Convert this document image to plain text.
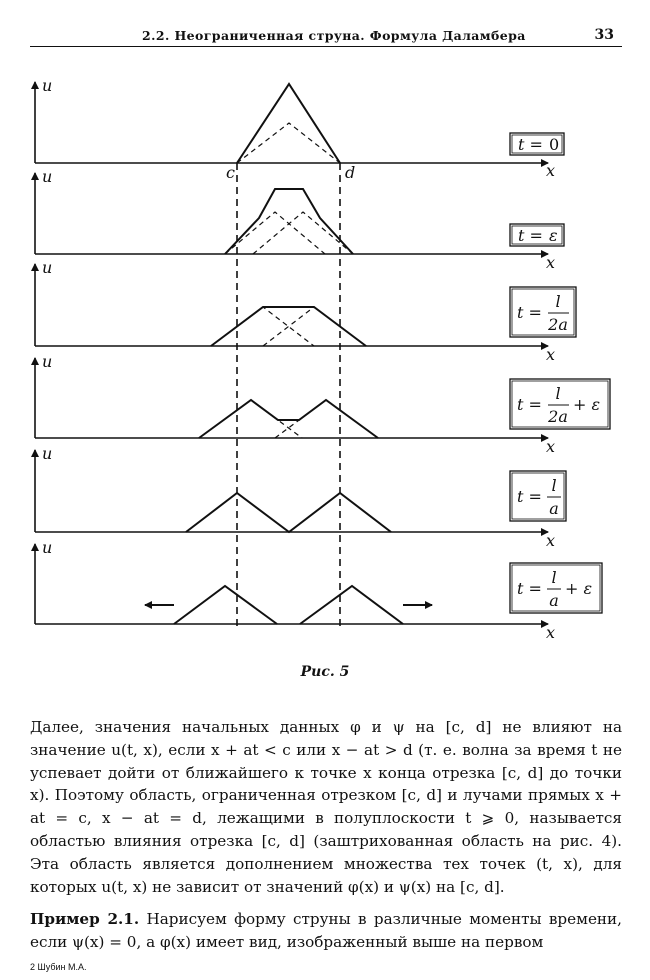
2.2. Неограниченная струна. Формула Даламбера	33
u
u
u
u
u
u
x
x
x
x
x
x
c	d
t = 0
t = ε
t =
l
2a
t =
l
2a
+ ε
t =
l
a
t =
l
a
+ ε
Рис. 5

Далее, значения начальных данных φ и ψ на [c, d] не влияют на значение u(t, x), если x + at < c или x − at > d (т. е. волна за время t не успевает дойти от ближайшего к точке x конца отрезка [c, d] до точки x). Поэтому область, ограниченная отрезком [c, d] и лучами прямых x + at = c, x − at = d, лежащими в полуплоскости t ⩾ 0, называется областью влияния отрезка [c, d] (заштрихованная область на рис. 4). Эта область является дополнением множества тех точек (t, x), для которых u(t, x) не зависит от значений φ(x) и ψ(x) на [c, d].

Пример 2.1. Нарисуем форму струны в различные моменты времени, если ψ(x) = 0, а φ(x) имеет вид, изображенный выше на первом

2 Шубин М.А.
